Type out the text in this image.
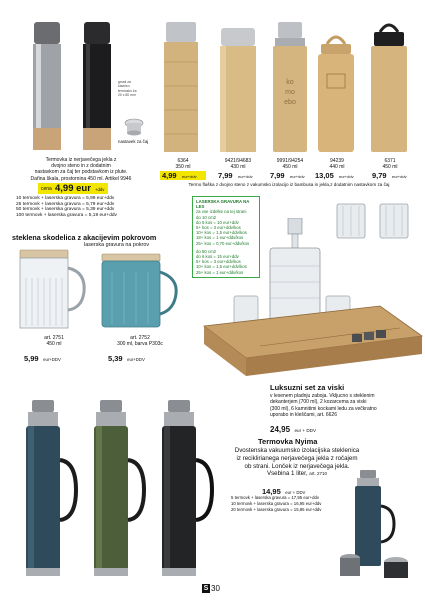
grosti za
kavnico
termosko ža
20 x 80 mm
nastavek za čaj
Termovka iz nerjavečega jekla z
dvojno steno in z dodatnim
nastavkom za čaj ter podstavkom iz plute.
Dařina škala, prostornina 450 ml. Artikel 9946
cena 4,99 eur +ddv
10 termovk + laserska gravura = 5,99 eur+ddv
25 termovk + laserska gravura = 5,79 eur+ddv
50 termovk + laserska gravura = 5,39 eur+ddv
100 termovk + laserska gravura = 5,19 eur+ddv
ko
mo
ebo
6364
350 ml
9421/94683
430 ml
9991/94254
450 ml
94239
440 ml
6371
450 ml
4,99 eur+ddv	7,99 eur+ddv 7,99 eur+ddv 13,05 eur+ddv 9,79 eur+ddv
Termo flaška z dvojno steno z vakumsko izolacijo iz bambusa in jekla,z dodatnim nastavkom za čaj
LASERSKA GRAVURA NA LES
za vse izdelke na tej strani
do 10 cm2
do 6 kos = 10 eur+ddv
5+ kos = 3 eur+ddv/kos
10+ kos = 1,5 eur+ddv/kos
18+ kos = 1 eur+ddv/kos
25+ kos = 0,70 eur+ddv/kos
do 50 cm2
do 6 kos = 15 eur+ddv
5+ kos = 3 eur+ddv/kos
10+ kos = 1,5 eur+ddv/kos
25+ kos = 1 eur+ddv/kos
steklena skodelica z akacijevim pokrovom
laserska gravura na pokrov
art. 2751
450 ml
5,99 eur+DDV
art. 2752
300 ml, barva P303c
5,39 eur+DDV
Luksuzni set za viski
v lesenem pladnju zaboja. Vkljucno s steklenim
dekanterjem (700 ml), 2 kozarcema za viski
(300 ml), 6 kamnitimi kockami ledu za večkratno
uporabo in kleščami, art. 6626
24,95 eur + DDV
Termovka Nyima
Dvostenska vakuumsko izolacijska steklenica
iz reciklirianega nerjavečega jekla z ročajem
ob strani. Lonček iz nerjavečega jekla.
Vsebina 1 liter, art. 2710
14,95 eur + DDV
5 termovk + laserska gravura = 17,95 eur+ddv
10 termovk + laserska gravura = 16,95 eur+ddv
20 termovk + laserska gravura = 15,95 eur+ddv
S 30
